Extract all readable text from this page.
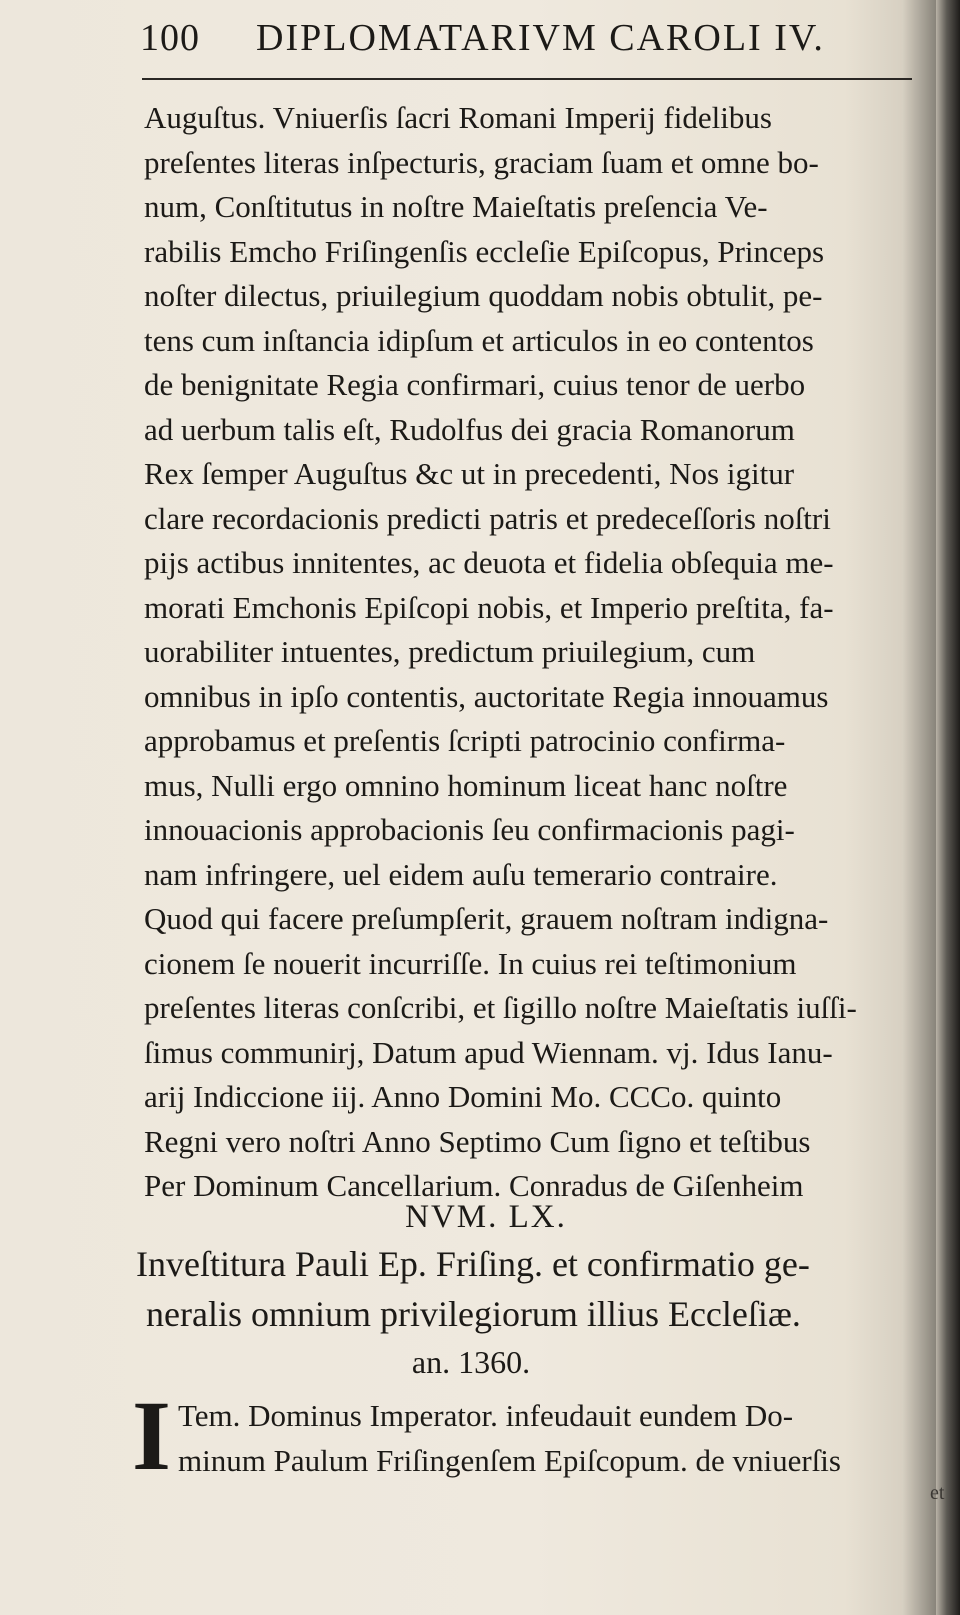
100 DIPLOMATARIVM CAROLI IV.
Auguſtus. Vniuerſis ſacri Romani Imperij fidelibus
preſentes literas inſpecturis, graciam ſuam et omne bo-
num, Conſtitutus in noſtre Maieſtatis preſencia Ve-
rabilis Emcho Friſingenſis eccleſie Epiſcopus, Princeps
noſter dilectus, priuilegium quoddam nobis obtulit, pe-
tens cum inſtancia idipſum et articulos in eo contentos
de benignitate Regia confirmari, cuius tenor de uerbo
ad uerbum talis eſt, Rudolfus dei gracia Romanorum
Rex ſemper Auguſtus &c ut in precedenti, Nos igitur
clare recordacionis predicti patris et predeceſſoris noſtri
pijs actibus innitentes, ac deuota et fidelia obſequia me-
morati Emchonis Epiſcopi nobis, et Imperio preſtita, fa-
uorabiliter intuentes, predictum priuilegium, cum
omnibus in ipſo contentis, auctoritate Regia innouamus
approbamus et preſentis ſcripti patrocinio confirma-
mus, Nulli ergo omnino hominum liceat hanc noſtre
innouacionis approbacionis ſeu confirmacionis pagi-
nam infringere, uel eidem auſu temerario contraire.
Quod qui facere preſumpſerit, grauem noſtram indigna-
cionem ſe nouerit incurriſſe. In cuius rei teſtimonium
preſentes literas conſcribi, et ſigillo noſtre Maieſtatis iuſſi-
ſimus communirj, Datum apud Wiennam. vj. Idus Ianu-
arij Indiccione iij. Anno Domini Mo. CCCo. quinto
Regni vero noſtri Anno Septimo Cum ſigno et teſtibus
Per Dominum Cancellarium. Conradus de Giſenheim
NVM. LX.
Inveſtitura Pauli Ep. Friſing. et confirmatio ge-
neralis omnium privilegiorum illius Eccleſiæ.
an. 1360.
I Tem. Dominus Imperator. infeudauit eundem Do-
minum Paulum Friſingenſem Epiſcopum. de vniuerſis
et
